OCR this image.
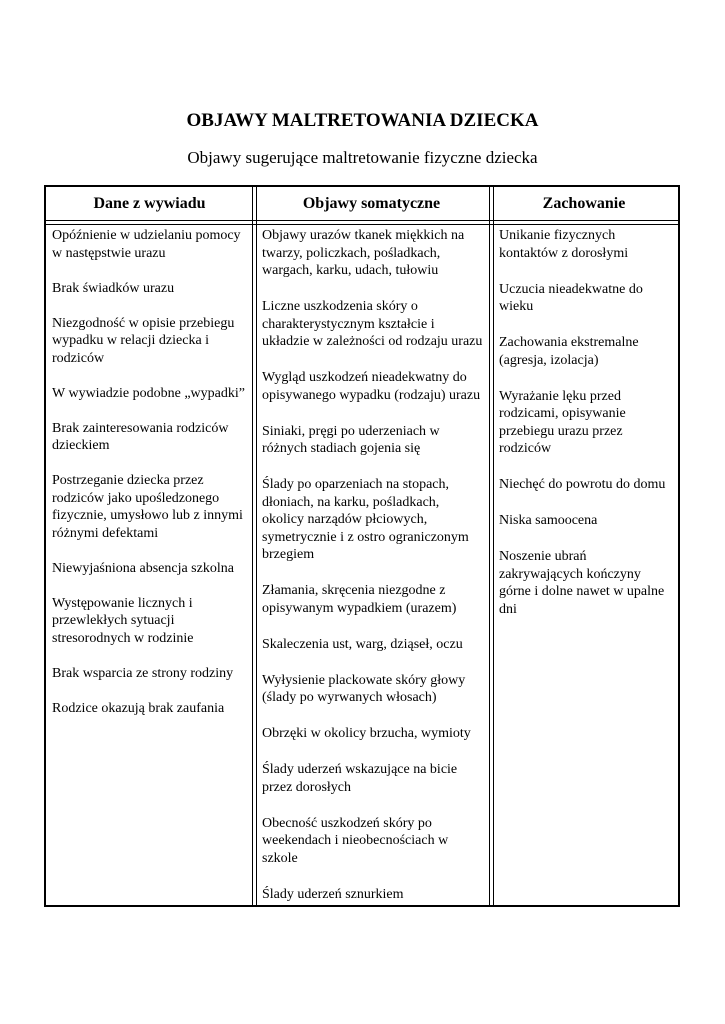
OBJAWY MALTRETOWANIA DZIECKA
Objawy sugerujące maltretowanie fizyczne dziecka
Dane z wywiadu
Opóźnienie w udzielaniu pomocy w następstwie urazu
Brak świadków urazu
Niezgodność w opisie przebiegu wypadku w relacji dziecka i rodziców
W wywiadzie podobne „wypadki”
Brak zainteresowania rodziców dzieckiem
Postrzeganie dziecka przez rodziców jako upośledzonego fizycznie, umysłowo lub z innymi różnymi defektami
Niewyjaśniona absencja szkolna
Występowanie licznych i przewlekłych sytuacji stresorodnych w rodzinie
Brak wsparcia ze strony rodziny
Rodzice okazują brak zaufania
Objawy somatyczne
Objawy urazów tkanek miękkich na twarzy, policzkach, pośladkach, wargach, karku, udach, tułowiu
Liczne uszkodzenia skóry o charakterystycznym kształcie i układzie w zależności od rodzaju urazu
Wygląd uszkodzeń nieadekwatny do opisywanego wypadku (rodzaju) urazu
Siniaki, pręgi po uderzeniach w różnych stadiach gojenia się
Ślady po oparzeniach na stopach, dłoniach, na karku, pośladkach, okolicy narządów płciowych, symetrycznie i z ostro ograniczonym brzegiem
Złamania, skręcenia niezgodne z opisywanym wypadkiem (urazem)
Skaleczenia ust, warg, dziąseł, oczu
Wyłysienie plackowate skóry głowy (ślady po wyrwanych włosach)
Obrzęki w okolicy brzucha, wymioty
Ślady uderzeń wskazujące na bicie przez dorosłych
Obecność uszkodzeń skóry po weekendach i nieobecnościach w szkole
Ślady uderzeń sznurkiem
Zachowanie
Unikanie fizycznych kontaktów z dorosłymi
Uczucia nieadekwatne do wieku
Zachowania ekstremalne (agresja, izolacja)
Wyrażanie lęku przed rodzicami, opisywanie przebiegu urazu przez rodziców
Niechęć do powrotu do domu
Niska samoocena
Noszenie ubrań zakrywających kończyny górne i dolne nawet w upalne dni
